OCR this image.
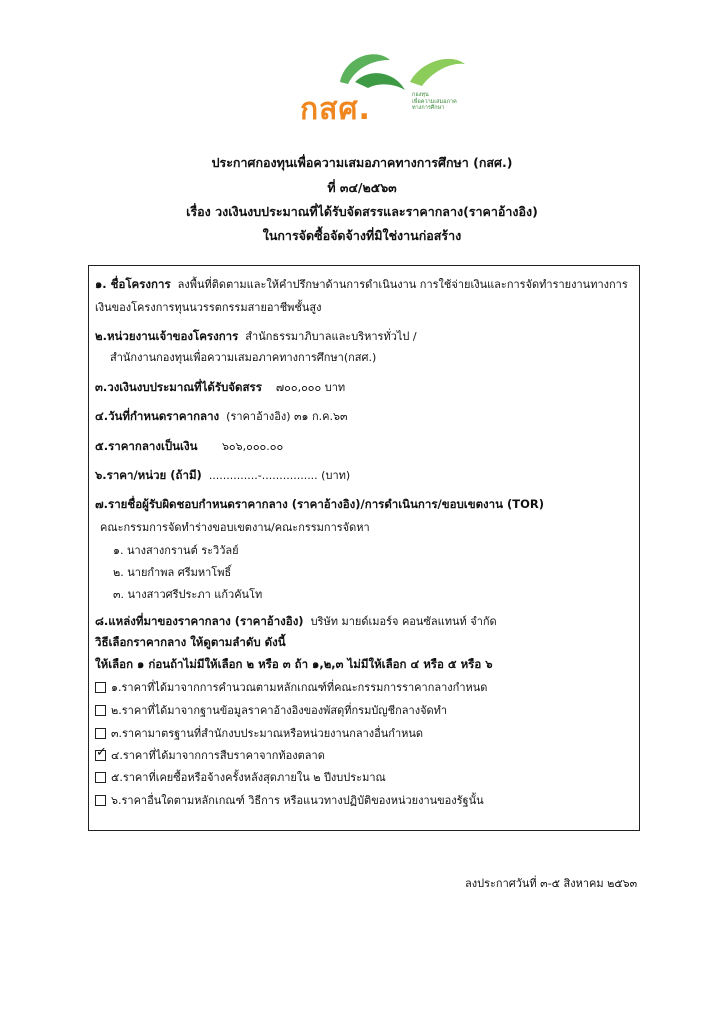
กสศ.	กองทุน
เพื่อความเสมอภาค
ทางการศึกษา
ประกาศกองทุนเพื่อความเสมอภาคทางการศึกษา (กสศ.)
ที่ ๓๔/๒๕๖๓
เรื่อง วงเงินงบประมาณที่ได้รับจัดสรรและราคากลาง(ราคาอ้างอิง)
ในการจัดซื้อจัดจ้างที่มิใช่งานก่อสร้าง
๑. ชื่อโครงการ ลงพื้นที่ติดตามและให้คำปรึกษาด้านการดำเนินงาน การใช้จ่ายเงินและการจัดทำรายงานทางการ
เงินของโครงการทุนนวรรตกรรมสายอาชีพชั้นสูง
๒.หน่วยงานเจ้าของโครงการ สำนักธรรมาภิบาลและบริหารทั่วไป /
สำนักงานกองทุนเพื่อความเสมอภาคทางการศึกษา(กสศ.)
๓.วงเงินงบประมาณที่ได้รับจัดสรร ๗๐๐,๐๐๐ บาท
๔.วันที่กำหนดราคากลาง (ราคาอ้างอิง) ๓๑ ก.ค.๖๓
๕.ราคากลางเป็นเงิน ๖๐๖,๐๐๐.๐๐
๖.ราคา/หน่วย (ถ้ามี) ..............-................ (บาท)
๗.รายชื่อผู้รับผิดชอบกำหนดราคากลาง (ราคาอ้างอิง)/การดำเนินการ/ขอบเขตงาน (TOR)
คณะกรรมการจัดทำร่างขอบเขตงาน/คณะกรรมการจัดหา
๑. นางสางกรานต์ ระวิวัลย์
๒. นายกำพล ศรีมหาโพธิ์
๓. นางสาวศรีประภา แก้วคันโท
๘.แหล่งที่มาของราคากลาง (ราคาอ้างอิง) บริษัท มายด์เมอร์จ คอนซัลแทนท์ จำกัด
วิธีเลือกราคากลาง ให้ดูตามลำดับ ดังนี้
ให้เลือก ๑ ก่อนถ้าไม่มีให้เลือก ๒ หรือ ๓ ถ้า ๑,๒,๓ ไม่มีให้เลือก ๔ หรือ ๕ หรือ ๖
๑.ราคาที่ได้มาจากการคำนวณตามหลักเกณฑ์ที่คณะกรรมการราคากลางกำหนด
๒.ราคาที่ได้มาจากฐานข้อมูลราคาอ้างอิงของพัสดุที่กรมบัญชีกลางจัดทำ
๓.ราคามาตรฐานที่สำนักงบประมาณหรือหน่วยงานกลางอื่นกำหนด
✓
๔.ราคาที่ได้มาจากการสืบราคาจากท้องตลาด
๕.ราคาที่เคยซื้อหรือจ้างครั้งหลังสุดภายใน ๒ ปีงบประมาณ
๖.ราคาอื่นใดตามหลักเกณฑ์ วิธีการ หรือแนวทางปฏิบัติของหน่วยงานของรัฐนั้น
ลงประกาศวันที่ ๓-๕ สิงหาคม ๒๕๖๓
